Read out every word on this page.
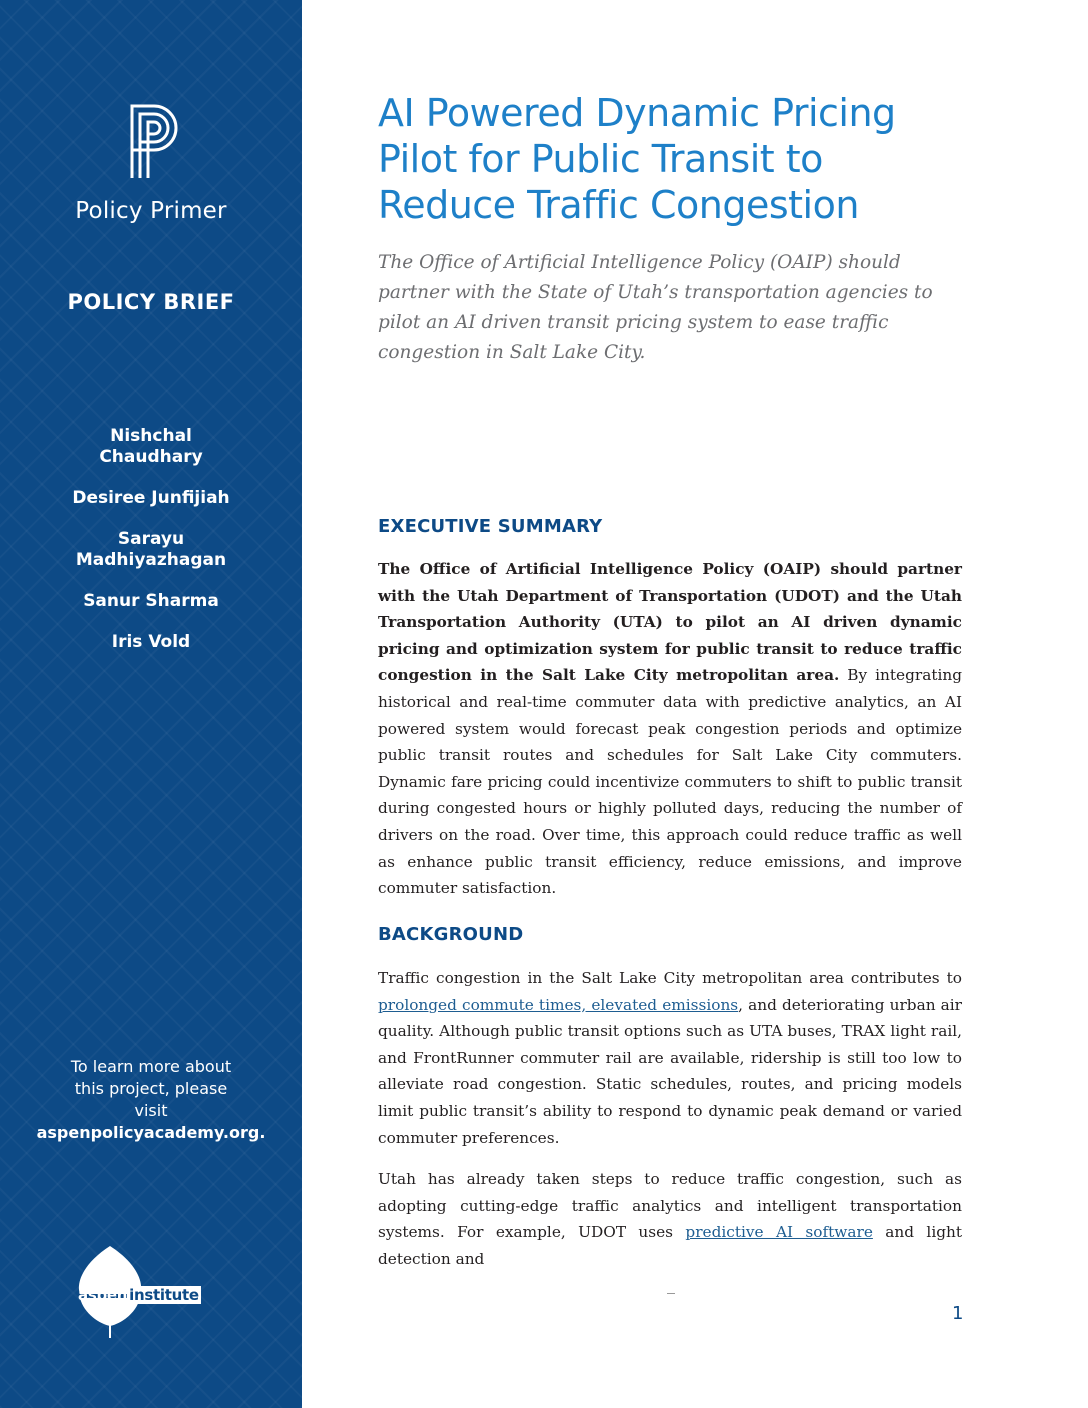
Policy Primer
POLICY BRIEF
Nishchal Chaudhary
Desiree Junfijiah
Sarayu Madhiyazhagan
Sanur Sharma
Iris Vold
To learn more about this project, please visit
aspenpolicyacademy.org.
aspen institute
AI Powered Dynamic Pricing Pilot for Public Transit to Reduce Traffic Congestion
The Office of Artificial Intelligence Policy (OAIP) should partner with the State of Utah’s transportation agencies to pilot an AI driven transit pricing system to ease traffic congestion in Salt Lake City.
EXECUTIVE SUMMARY
The Office of Artificial Intelligence Policy (OAIP) should partner with the Utah Department of Transportation (UDOT) and the Utah Transportation Authority (UTA) to pilot an AI driven dynamic pricing and optimization system for public transit to reduce traffic congestion in the Salt Lake City metropolitan area. By integrating historical and real-time commuter data with predictive analytics, an AI powered system would forecast peak congestion periods and optimize public transit routes and schedules for Salt Lake City commuters. Dynamic fare pricing could incentivize commuters to shift to public transit during congested hours or highly polluted days, reducing the number of drivers on the road. Over time, this approach could reduce traffic as well as enhance public transit efficiency, reduce emissions, and improve commuter satisfaction.
BACKGROUND
Traffic congestion in the Salt Lake City metropolitan area contributes to prolonged commute times, elevated emissions, and deteriorating urban air quality. Although public transit options such as UTA buses, TRAX light rail, and FrontRunner commuter rail are available, ridership is still too low to alleviate road congestion. Static schedules, routes, and pricing models limit public transit’s ability to respond to dynamic peak demand or varied commuter preferences.
Utah has already taken steps to reduce traffic congestion, such as adopting cutting-edge traffic analytics and intelligent transportation systems. For example, UDOT uses predictive AI software and light detection and
1
